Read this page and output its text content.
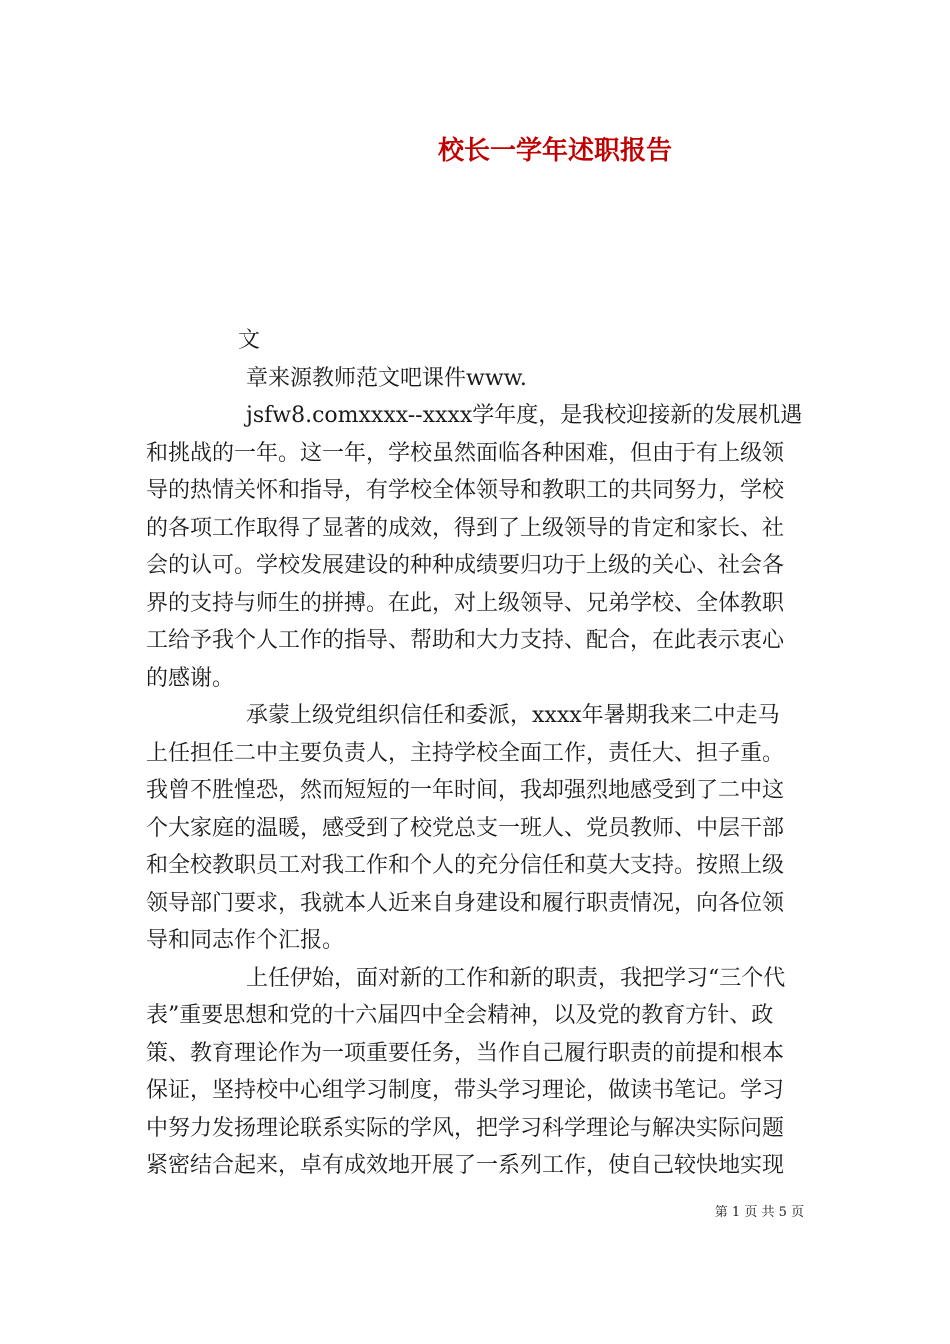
校长一学年述职报告
文
章来源教师范文吧课件www.
jsfw8.comxxxx--xxxx学年度，是我校迎接新的发展机遇
和挑战的一年。这一年，学校虽然面临各种困难，但由于有上级领
导的热情关怀和指导，有学校全体领导和教职工的共同努力，学校
的各项工作取得了显著的成效，得到了上级领导的肯定和家长、社
会的认可。学校发展建设的种种成绩要归功于上级的关心、社会各
界的支持与师生的拼搏。在此，对上级领导、兄弟学校、全体教职
工给予我个人工作的指导、帮助和大力支持、配合，在此表示衷心
的感谢。
承蒙上级党组织信任和委派，xxxx年暑期我来二中走马
上任担任二中主要负责人，主持学校全面工作，责任大、担子重。
我曾不胜惶恐，然而短短的一年时间，我却强烈地感受到了二中这
个大家庭的温暖，感受到了校党总支一班人、党员教师、中层干部
和全校教职员工对我工作和个人的充分信任和莫大支持。按照上级
领导部门要求，我就本人近来自身建设和履行职责情况，向各位领
导和同志作个汇报。
上任伊始，面对新的工作和新的职责，我把学习“三个代
表”重要思想和党的十六届四中全会精神，以及党的教育方针、政
策、教育理论作为一项重要任务，当作自己履行职责的前提和根本
保证，坚持校中心组学习制度，带头学习理论，做读书笔记。学习
中努力发扬理论联系实际的学风，把学习科学理论与解决实际问题
紧密结合起来，卓有成效地开展了一系列工作，使自己较快地实现
第 1 页 共 5 页
